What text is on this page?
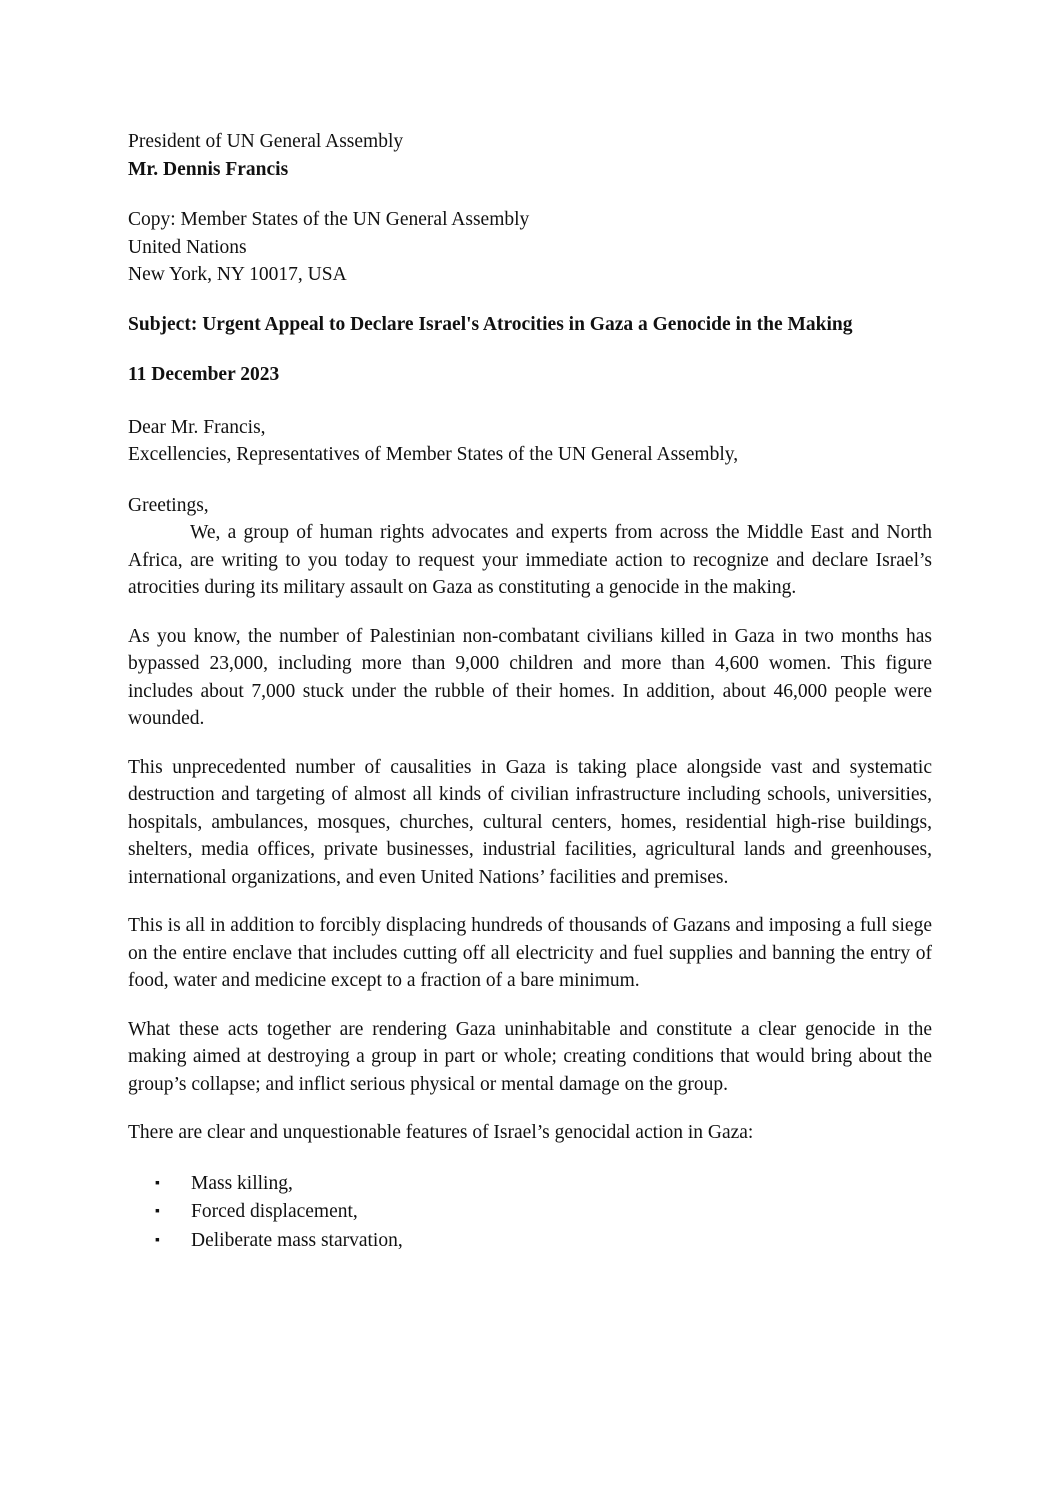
President of UN General Assembly
Mr. Dennis Francis
Copy: Member States of the UN General Assembly
United Nations
New York, NY 10017, USA
Subject: Urgent Appeal to Declare Israel's Atrocities in Gaza a Genocide in the Making
11 December 2023
Dear Mr. Francis,
Excellencies, Representatives of Member States of the UN General Assembly,
Greetings,

We, a group of human rights advocates and experts from across the Middle East and North Africa, are writing to you today to request your immediate action to recognize and declare Israel’s atrocities during its military assault on Gaza as constituting a genocide in the making.

As you know, the number of Palestinian non-combatant civilians killed in Gaza in two months has bypassed 23,000, including more than 9,000 children and more than 4,600 women. This figure includes about 7,000 stuck under the rubble of their homes. In addition, about 46,000 people were wounded.

This unprecedented number of causalities in Gaza is taking place alongside vast and systematic destruction and targeting of almost all kinds of civilian infrastructure including schools, universities, hospitals, ambulances, mosques, churches, cultural centers, homes, residential high-rise buildings, shelters, media offices, private businesses, industrial facilities, agricultural lands and greenhouses, international organizations, and even United Nations’ facilities and premises.

This is all in addition to forcibly displacing hundreds of thousands of Gazans and imposing a full siege on the entire enclave that includes cutting off all electricity and fuel supplies and banning the entry of food, water and medicine except to a fraction of a bare minimum.

What these acts together are rendering Gaza uninhabitable and constitute a clear genocide in the making aimed at destroying a group in part or whole; creating conditions that would bring about the group’s collapse; and inflict serious physical or mental damage on the group.

There are clear and unquestionable features of Israel’s genocidal action in Gaza:

▪ Mass killing,
▪ Forced displacement,
▪ Deliberate mass starvation,
